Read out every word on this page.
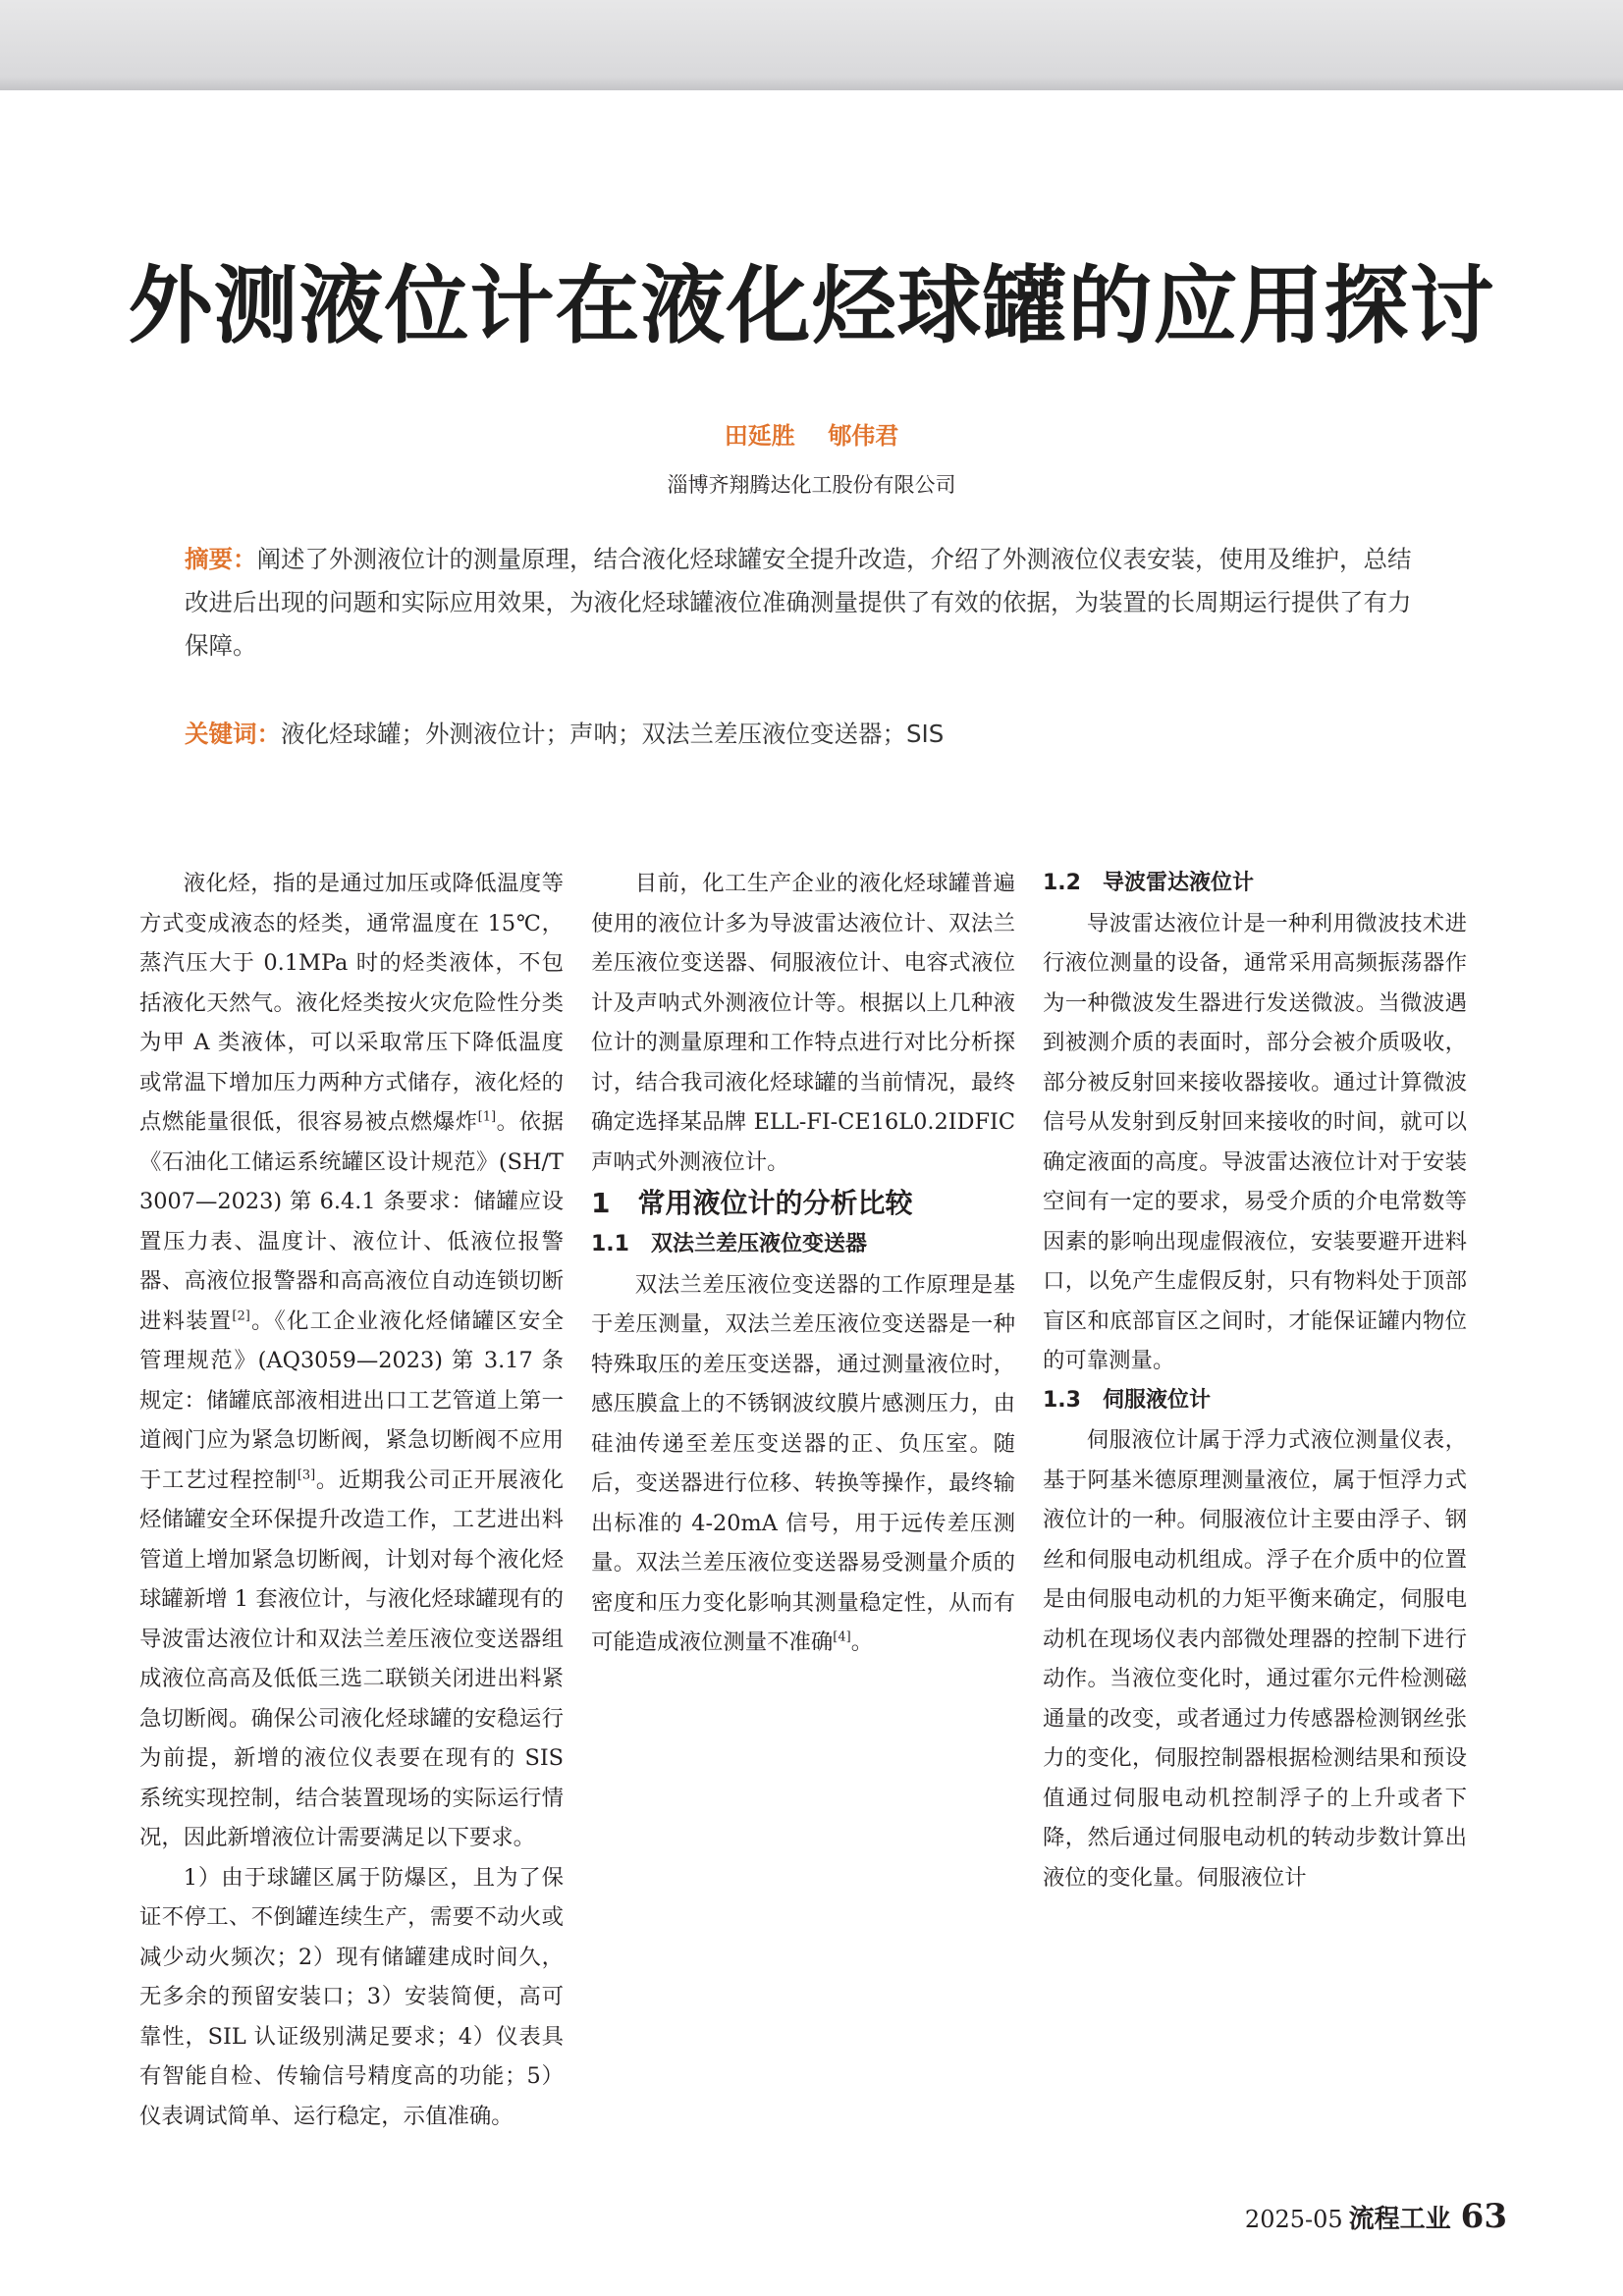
外测液位计在液化烃球罐的应用探讨

田延胜    郇伟君

淄博齐翔腾达化工股份有限公司

摘要：阐述了外测液位计的测量原理，结合液化烃球罐安全提升改造，介绍了外测液位仪表安装，使用及维护，总结改进后出现的问题和实际应用效果，为液化烃球罐液位准确测量提供了有效的依据，为装置的长周期运行提供了有力保障。

关键词：液化烃球罐；外测液位计；声呐；双法兰差压液位变送器；SIS

液化烃，指的是通过加压或降低温度等方式变成液态的烃类，通常温度在 15℃，蒸汽压大于 0.1MPa 时的烃类液体，不包括液化天然气。液化烃类按火灾危险性分类为甲 A 类液体，可以采取常压下降低温度或常温下增加压力两种方式储存，液化烃的点燃能量很低，很容易被点燃爆炸[1]。依据《石油化工储运系统罐区设计规范》(SH/T3007—2023) 第 6.4.1 条要求：储罐应设置压力表、温度计、液位计、低液位报警器、高液位报警器和高高液位自动连锁切断进料装置[2]。《化工企业液化烃储罐区安全管理规范》(AQ3059—2023) 第 3.17 条规定：储罐底部液相进出口工艺管道上第一道阀门应为紧急切断阀，紧急切断阀不应用于工艺过程控制[3]。近期我公司正开展液化烃储罐安全环保提升改造工作，工艺进出料管道上增加紧急切断阀，计划对每个液化烃球罐新增 1 套液位计，与液化烃球罐现有的导波雷达液位计和双法兰差压液位变送器组成液位高高及低低三选二联锁关闭进出料紧急切断阀。确保公司液化烃球罐的安稳运行为前提，新增的液位仪表要在现有的 SIS 系统实现控制，结合装置现场的实际运行情况，因此新增液位计需要满足以下要求。

1）由于球罐区属于防爆区，且为了保证不停工、不倒罐连续生产，需要不动火或减少动火频次；2）现有储罐建成时间久，无多余的预留安装口；3）安装简便，高可靠性，SIL 认证级别满足要求；4）仪表具有智能自检、传输信号精度高的功能；5）仪表调试简单、运行稳定，示值准确。

目前，化工生产企业的液化烃球罐普遍使用的液位计多为导波雷达液位计、双法兰差压液位变送器、伺服液位计、电容式液位计及声呐式外测液位计等。根据以上几种液位计的测量原理和工作特点进行对比分析探讨，结合我司液化烃球罐的当前情况，最终确定选择某品牌 ELL-FI-CE16L0.2IDFIC 声呐式外测液位计。

1　常用液位计的分析比较

1.1　双法兰差压液位变送器

双法兰差压液位变送器的工作原理是基于差压测量，双法兰差压液位变送器是一种特殊取压的差压变送器，通过测量液位时，感压膜盒上的不锈钢波纹膜片感测压力，由硅油传递至差压变送器的正、负压室。随后，变送器进行位移、转换等操作，最终输出标准的 4-20mA 信号，用于远传差压测量。双法兰差压液位变送器易受测量介质的密度和压力变化影响其测量稳定性，从而有可能造成液位测量不准确[4]。

1.2　导波雷达液位计

导波雷达液位计是一种利用微波技术进行液位测量的设备，通常采用高频振荡器作为一种微波发生器进行发送微波。当微波遇到被测介质的表面时，部分会被介质吸收，部分被反射回来接收器接收。通过计算微波信号从发射到反射回来接收的时间，就可以确定液面的高度。导波雷达液位计对于安装空间有一定的要求，易受介质的介电常数等因素的影响出现虚假液位，安装要避开进料口，以免产生虚假反射，只有物料处于顶部盲区和底部盲区之间时，才能保证罐内物位的可靠测量。

1.3　伺服液位计

伺服液位计属于浮力式液位测量仪表，基于阿基米德原理测量液位，属于恒浮力式液位计的一种。伺服液位计主要由浮子、钢丝和伺服电动机组成。浮子在介质中的位置是由伺服电动机的力矩平衡来确定，伺服电动机在现场仪表内部微处理器的控制下进行动作。当液位变化时，通过霍尔元件检测磁通量的改变，或者通过力传感器检测钢丝张力的变化，伺服控制器根据检测结果和预设值通过伺服电动机控制浮子的上升或者下降，然后通过伺服电动机的转动步数计算出液位的变化量。伺服液位计

2025-05 流程工业 63
